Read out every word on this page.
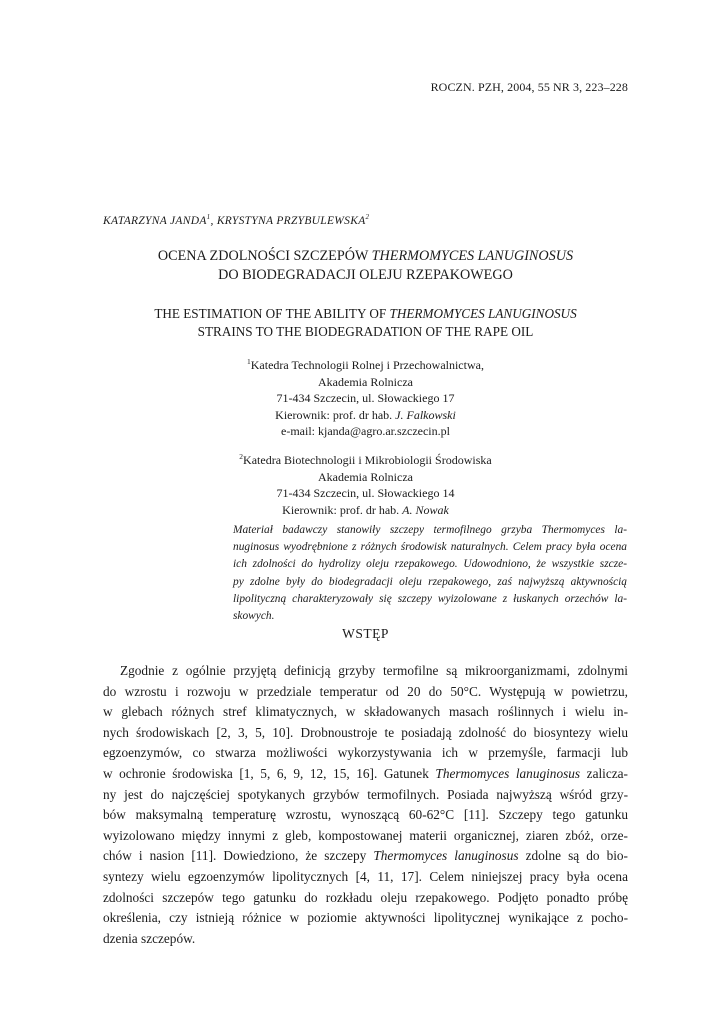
ROCZN. PZH, 2004, 55 NR 3, 223–228
KATARZYNA JANDA$^1$, KRYSTYNA PRZYBULEWSKA$^2$
OCENA ZDOLNOŚCI SZCZEPÓW THERMOMYCES LANUGINOSUS
DO BIODEGRADACJI OLEJU RZEPAKOWEGO
THE ESTIMATION OF THE ABILITY OF THERMOMYCES LANUGINOSUS
STRAINS TO THE BIODEGRADATION OF THE RAPE OIL
$^1$Katedra Technologii Rolnej i Przechowalnictwa,
Akademia Rolnicza
71-434 Szczecin, ul. Słowackiego 17
Kierownik: prof. dr hab. J. Falkowski
e-mail: kjanda@agro.ar.szczecin.pl
$^2$Katedra Biotechnologii i Mikrobiologii Środowiska
Akademia Rolnicza
71-434 Szczecin, ul. Słowackiego 14
Kierownik: prof. dr hab. A. Nowak
Materiał badawczy stanowiły szczepy termofilnego grzyba Thermomyces la-
nuginosus wyodrębnione z różnych środowisk naturalnych. Celem pracy była ocena
ich zdolności do hydrolizy oleju rzepakowego. Udowodniono, że wszystkie szcze-
py zdolne były do biodegradacji oleju rzepakowego, zaś najwyższą aktywnością
lipolityczną charakteryzowały się szczepy wyizolowane z łuskanych orzechów la-
skowych.
WSTĘP
Zgodnie z ogólnie przyjętą definicją grzyby termofilne są mikroorganizmami, zdolnymi
do wzrostu i rozwoju w przedziale temperatur od 20 do 50°C. Występują w powietrzu,
w glebach różnych stref klimatycznych, w składowanych masach roślinnych i wielu in-
nych środowiskach [2, 3, 5, 10]. Drobnoustroje te posiadają zdolność do biosyntezy wielu
egzoenzymów, co stwarza możliwości wykorzystywania ich w przemyśle, farmacji lub
w ochronie środowiska [1, 5, 6, 9, 12, 15, 16]. Gatunek Thermomyces lanuginosus zalicza-
ny jest do najczęściej spotykanych grzybów termofilnych. Posiada najwyższą wśród grzy-
bów maksymalną temperaturę wzrostu, wynoszącą 60-62°C [11]. Szczepy tego gatunku
wyizolowano między innymi z gleb, kompostowanej materii organicznej, ziaren zbóż, orze-
chów i nasion [11]. Dowiedziono, że szczepy Thermomyces lanuginosus zdolne są do bio-
syntezy wielu egzoenzymów lipolitycznych [4, 11, 17]. Celem niniejszej pracy była ocena
zdolności szczepów tego gatunku do rozkładu oleju rzepakowego. Podjęto ponadto próbę
określenia, czy istnieją różnice w poziomie aktywności lipolitycznej wynikające z pocho-
dzenia szczepów.
